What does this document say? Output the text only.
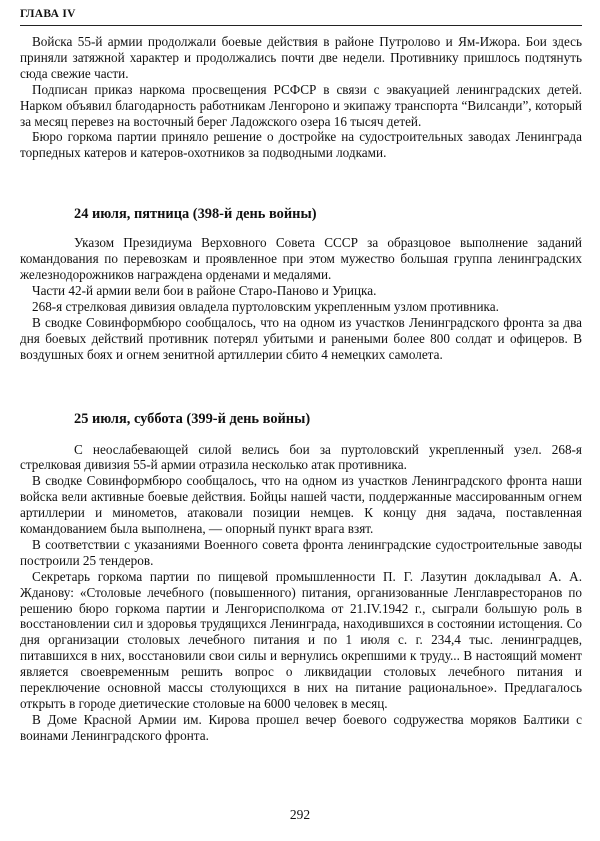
ГЛАВА IV

Войска 55-й армии продолжали боевые действия в районе Путролово и Ям-Ижора. Бои здесь приняли затяжной характер и продолжались почти две недели. Противнику пришлось подтянуть сюда свежие части.

Подписан приказ наркома просвещения РСФСР в связи с эвакуацией ленинградских детей. Нарком объявил благодарность работникам Ленгороно и экипажу транспорта “Вилсанди”, который за месяц перевез на восточный берег Ладожского озера 16 тысяч детей.

Бюро горкома партии приняло решение о достройке на судостроительных заводах Ленинграда торпедных катеров и катеров-охотников за подводными лодками.

24 июля, пятница (398-й день войны)

Указом Президиума Верховного Совета СССР за образцовое выполнение заданий командования по перевозкам и проявленное при этом мужество большая группа ленинградских железнодорожников награждена орденами и медалями.

Части 42-й армии вели бои в районе Старо-Паново и Урицка.

268-я стрелковая дивизия овладела пуртоловским укрепленным узлом противника.

В сводке Совинформбюро сообщалось, что на одном из участков Ленинградского фронта за два дня боевых действий противник потерял убитыми и ранеными более 800 солдат и офицеров. В воздушных боях и огнем зенитной артиллерии сбито 4 немецких самолета.

25 июля, суббота (399-й день войны)

С неослабевающей силой велись бои за пуртоловский укрепленный узел. 268-я стрелковая дивизия 55-й армии отразила несколько атак противника.

В сводке Совинформбюро сообщалось, что на одном из участков Ленинградского фронта наши войска вели активные боевые действия. Бойцы нашей части, поддержанные массированным огнем артиллерии и минометов, атаковали позиции немцев. К концу дня задача, поставленная командованием была выполнена, — опорный пункт врага взят.

В соответствии с указаниями Военного совета фронта ленинградские судостроительные заводы построили 25 тендеров.

Секретарь горкома партии по пищевой промышленности П. Г. Лазутин докладывал А. А. Жданову: «Столовые лечебного (повышенного) питания, организованные Ленглавресторанов по решению бюро горкома партии и Ленгорисполкома от 21.IV.1942 г., сыграли большую роль в восстановлении сил и здоровья трудящихся Ленинграда, находившихся в состоянии истощения. Со дня организации столовых лечебного питания и по 1 июля с. г. 234,4 тыс. ленинградцев, питавшихся в них, восстановили свои силы и вернулись окрепшими к труду... В настоящий момент является своевременным решить вопрос о ликвидации столовых лечебного питания и переключение основной массы столующихся в них на питание рациональное». Предлагалось открыть в городе диетические столовые на 6000 человек в месяц.

В Доме Красной Армии им. Кирова прошел вечер боевого содружества моряков Балтики с воинами Ленинградского фронта.

292
